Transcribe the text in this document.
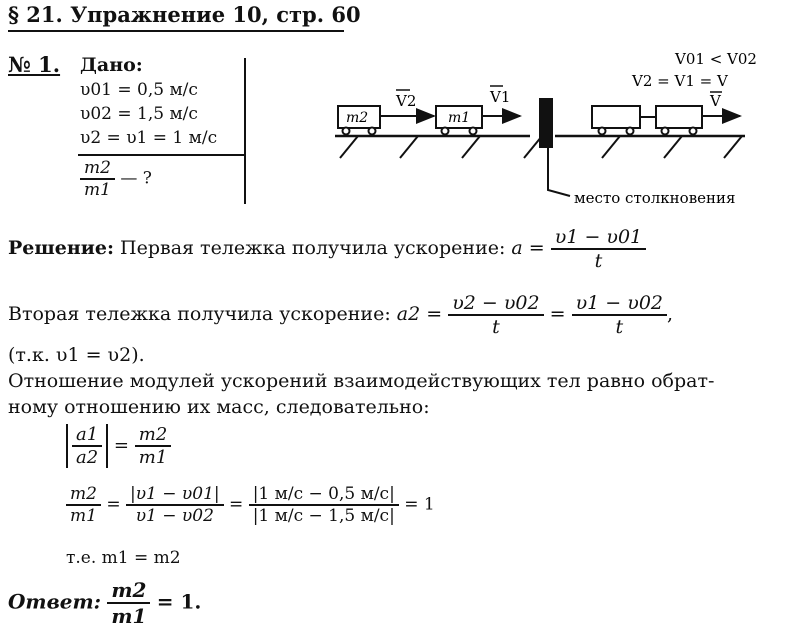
§ 21. Упражнение 10, стр. 60
№ 1. Дано:
υ01 = 0,5 м/с
υ02 = 1,5 м/с
υ2 = υ1 = 1 м/с
$\frac{m2}{m1}$ — ?
m2
V2
m1
V1	V
V01 < V02
V2 = V1 = V
место столкновения
Решение: Первая тележка получила ускорение: $a = \frac{\upsilon 1 - \upsilon 01}{t}$
Вторая тележка получила ускорение: $a2 = \frac{\upsilon 2 - \upsilon 02}{t} = \frac{\upsilon 1 - \upsilon 02}{t}$ ,
(т.к. υ1 = υ2).
Отношение модулей ускорений взаимодействующих тел равно обрат-
ному отношению их масс, следовательно:
$\frac{a1}{a2} = \frac{m2}{m1}$
$\frac{m2}{m1} = \frac{|\upsilon 1 - \upsilon 01|}{\upsilon 1 - \upsilon 02} = \frac{|1 м/с - 0,5 м/с|}{|1 м/с - 1,5 м/с|} = 1$
т.е. m1 = m2
Ответ: $\frac{m2}{m1} = 1$.
